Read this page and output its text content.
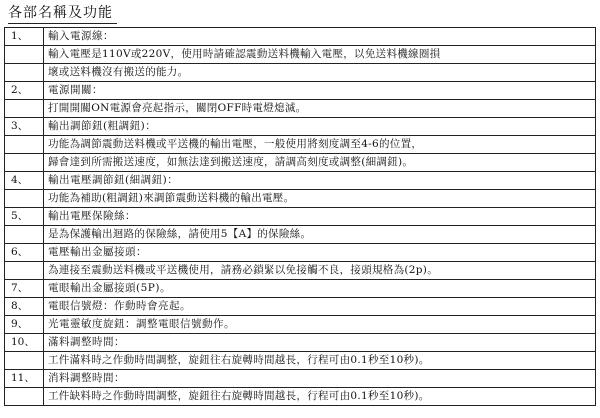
各部名稱及功能
1、	輸入電源線：
	輸入電壓是110V或220V，使用時請確認震動送料機輸入電壓，以免送料機線圈損
	壞或送料機沒有搬送的能力。
2、	電源開關：
	打開開關ON電源會亮起指示，關閉OFF時電燈熄滅。
3、	輸出調節鈕(粗調鈕)：
	功能為調節震動送料機或平送機的輸出電壓，一般使用將刻度調至4-6的位置，
	歸會達到所需搬送速度，如無法達到搬送速度，請調高刻度或調整(細調鈕)。
4、	輸出電壓調節鈕(細調鈕)：
	功能為補助(粗調鈕)來調節震動送料機的輸出電壓。
5、	輸出電壓保險絲：
	是為保護輸出迴路的保險絲，請使用5【A】的保險絲。
6、	電壓輸出金屬接頭：
	為連接至震動送料機或平送機使用，請務必鎖緊以免接觸不良，接頭規格為(2p)。
7、	電眼輸出金屬接頭(5P)。
8、	電眼信號燈：作動時會亮起。
9、	光電靈敏度旋鈕：調整電眼信號動作。
10、	滿料調整時間：
	工件滿料時之作動時間調整，旋鈕往右旋轉時間越長，行程可由0.1秒至10秒)。
11、	消料調整時間：
	工件缺料時之作動時間調整，旋鈕往右旋轉時間越長，行程可由0.1秒至10秒)。
